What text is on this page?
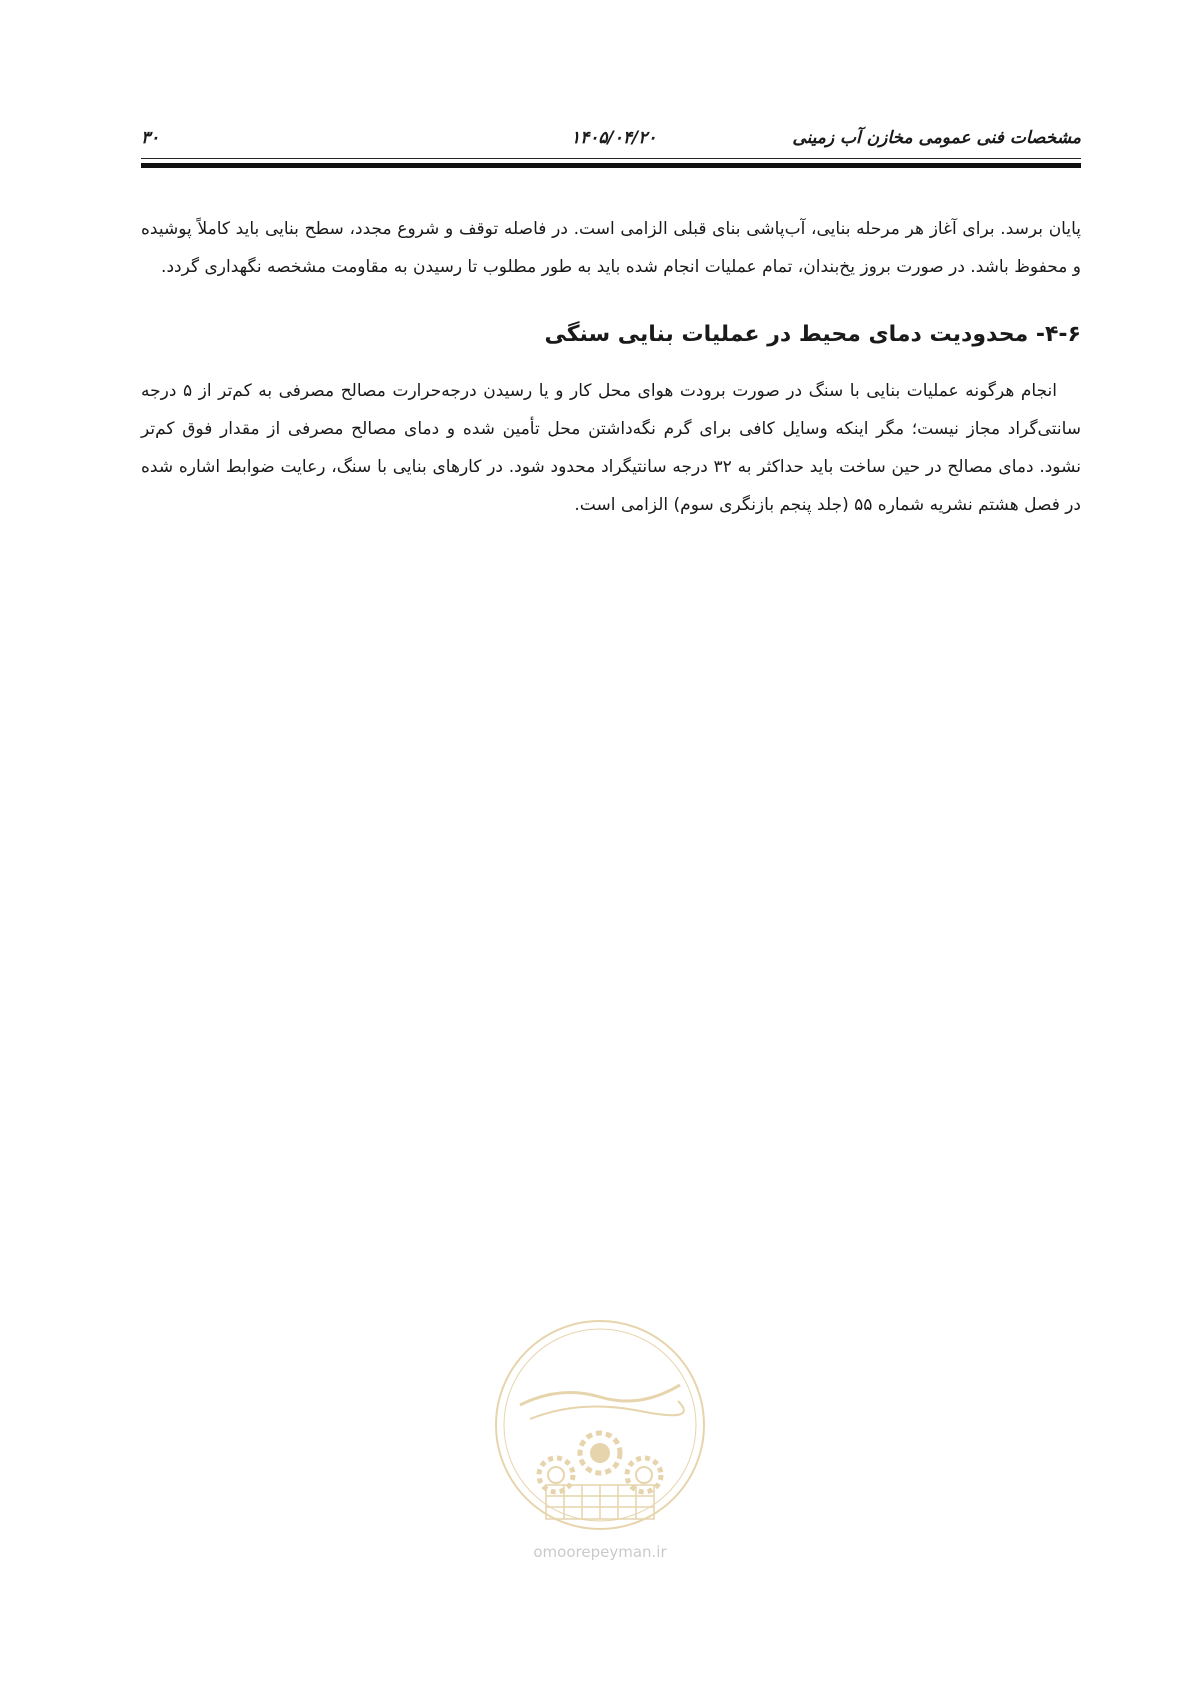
۳۰	۱۴۰۵/۰۴/۲۰	مشخصات فنی عمومی مخازن آب زمینی

پایان برسد. برای آغاز هر مرحله بنایی، آب‌پاشی بنای قبلی الزامی است. در فاصله توقف و شروع مجدد، سطح بنایی باید کاملاً پوشیده و محفوظ باشد. در صورت بروز یخ‌بندان، تمام عملیات انجام شده باید به طور مطلوب تا رسیدن به مقاومت مشخصه نگهداری گردد.

۴-۶- محدودیت دمای محیط در عملیات بنایی سنگی

انجام هرگونه عملیات بنایی با سنگ در صورت برودت هوای محل کار و یا رسیدن درجه‌حرارت مصالح مصرفی به کم‌تر از ۵ درجه سانتی‌گراد مجاز نیست؛ مگر اینکه وسایل کافی برای گرم نگه‌داشتن محل تأمین شده و دمای مصالح مصرفی از مقدار فوق کم‌تر نشود. دمای مصالح در حین ساخت باید حداکثر به ۳۲ درجه سانتیگراد محدود شود. در کارهای بنایی با سنگ، رعایت ضوابط اشاره شده در فصل هشتم نشریه شماره ۵۵ (جلد پنجم بازنگری سوم) الزامی است.

omoorepeyman.ir
